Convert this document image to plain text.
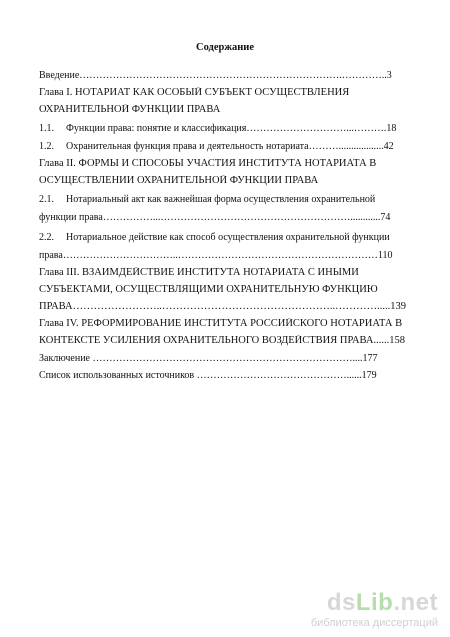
Содержание
Введение…………………………………………………………………….…………..3
Глава I. НОТАРИАТ КАК ОСОБЫЙ СУБЪЕКТ ОСУЩЕСТВЛЕНИЯ
ОХРАНИТЕЛЬНОЙ ФУНКЦИИ ПРАВА
1.1. Функции права: понятие и классификация…………………………...……….18
1.2. Охранительная функция права и деятельность нотариата………..................42
Глава II. ФОРМЫ И СПОСОБЫ УЧАСТИЯ ИНСТИТУТА НОТАРИАТА В
ОСУЩЕСТВЛЕНИИ ОХРАНИТЕЛЬНОЙ ФУНКЦИИ ПРАВА
2.1. Нотариальный акт как важнейшая форма осуществления охранительной
функции права……………...…………………………………………………............74
2.2. Нотариальное действие как способ осуществления охранительной функции
права……………………………..……………………………………………………110
Глава III. ВЗАИМДЕЙСТВИЕ ИНСТИТУТА НОТАРИАТА С ИНЫМИ
СУБЪЕКТАМИ, ОСУЩЕСТВЛЯЩИМИ ОХРАНИТЕЛЬНУЮ ФУНКЦИЮ
ПРАВА……………………..…………………………………………..………….....139
Глава IV. РЕФОРМИРОВАНИЕ ИНСТИТУТА РОССИЙСКОГО НОТАРИАТА В
КОНТЕКСТЕ УСИЛЕНИЯ ОХРАНИТЕЛЬНОГО ВОЗДЕЙСТВИЯ ПРАВА......158
Заключение ……………………………………………………………………....177
Список использованных источников ………………………………………......179
dsLib.net
библиотека диссертаций
